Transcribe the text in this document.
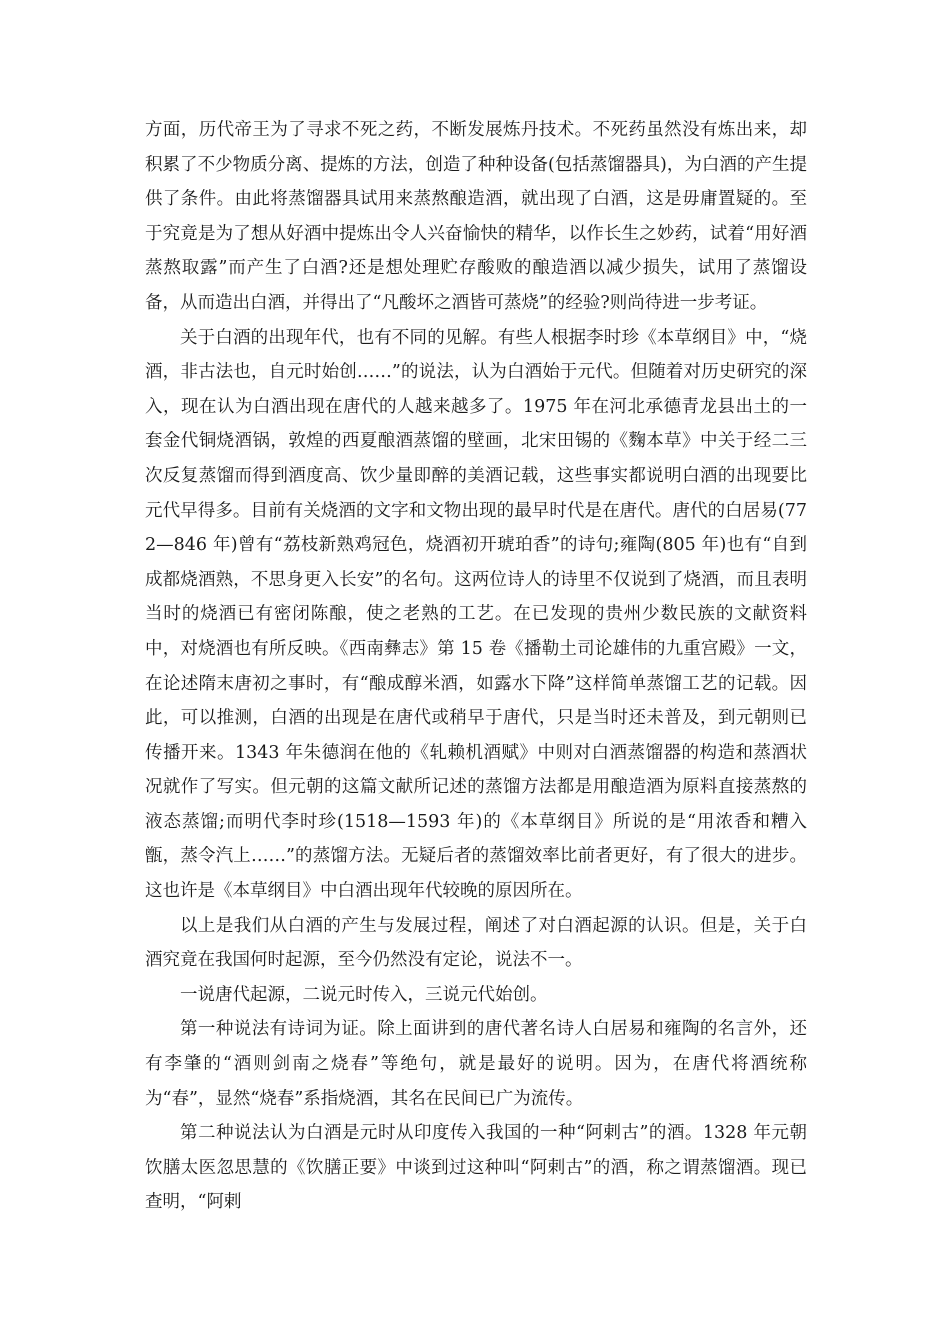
方面，历代帝王为了寻求不死之药，不断发展炼丹技术。不死药虽然没有炼出来，却积累了不少物质分离、提炼的方法，创造了种种设备(包括蒸馏器具)，为白酒的产生提供了条件。由此将蒸馏器具试用来蒸熬酿造酒，就出现了白酒，这是毋庸置疑的。至于究竟是为了想从好酒中提炼出令人兴奋愉快的精华，以作长生之妙药，试着“用好酒蒸熬取露”而产生了白酒?还是想处理贮存酸败的酿造酒以减少损失，试用了蒸馏设备，从而造出白酒，并得出了“凡酸坏之酒皆可蒸烧”的经验?则尚待进一步考证。

关于白酒的出现年代，也有不同的见解。有些人根据李时珍《本草纲目》中，“烧酒，非古法也，自元时始创……”的说法，认为白酒始于元代。但随着对历史研究的深入，现在认为白酒出现在唐代的人越来越多了。1975 年在河北承德青龙县出土的一套金代铜烧酒锅，敦煌的西夏酿酒蒸馏的壁画，北宋田锡的《麴本草》中关于经二三次反复蒸馏而得到酒度高、饮少量即醉的美酒记载，这些事实都说明白酒的出现要比元代早得多。目前有关烧酒的文字和文物出现的最早时代是在唐代。唐代的白居易(772—846 年)曾有“荔枝新熟鸡冠色，烧酒初开琥珀香”的诗句;雍陶(805 年)也有“自到成都烧酒熟，不思身更入长安”的名句。这两位诗人的诗里不仅说到了烧酒，而且表明当时的烧酒已有密闭陈酿，使之老熟的工艺。在已发现的贵州少数民族的文献资料中，对烧酒也有所反映。《西南彝志》第 15 卷《播勒土司论雄伟的九重宫殿》一文，在论述隋末唐初之事时，有“酿成醇米酒，如露水下降”这样简单蒸馏工艺的记载。因此，可以推测，白酒的出现是在唐代或稍早于唐代，只是当时还未普及，到元朝则已传播开来。1343 年朱德润在他的《轧赖机酒赋》中则对白酒蒸馏器的构造和蒸酒状况就作了写实。但元朝的这篇文献所记述的蒸馏方法都是用酿造酒为原料直接蒸熬的液态蒸馏;而明代李时珍(1518—1593 年)的《本草纲目》所说的是“用浓香和糟入甑，蒸令汽上……”的蒸馏方法。无疑后者的蒸馏效率比前者更好，有了很大的进步。这也许是《本草纲目》中白酒出现年代较晚的原因所在。

以上是我们从白酒的产生与发展过程，阐述了对白酒起源的认识。但是，关于白酒究竟在我国何时起源，至今仍然没有定论，说法不一。

一说唐代起源，二说元时传入，三说元代始创。

第一种说法有诗词为证。除上面讲到的唐代著名诗人白居易和雍陶的名言外，还有李肇的“酒则剑南之烧春”等绝句，就是最好的说明。因为，在唐代将酒统称为“春”，显然“烧春”系指烧酒，其名在民间已广为流传。

第二种说法认为白酒是元时从印度传入我国的一种“阿剌古”的酒。1328 年元朝饮膳太医忽思慧的《饮膳正要》中谈到过这种叫“阿剌古”的酒，称之谓蒸馏酒。现已查明，“阿剌
